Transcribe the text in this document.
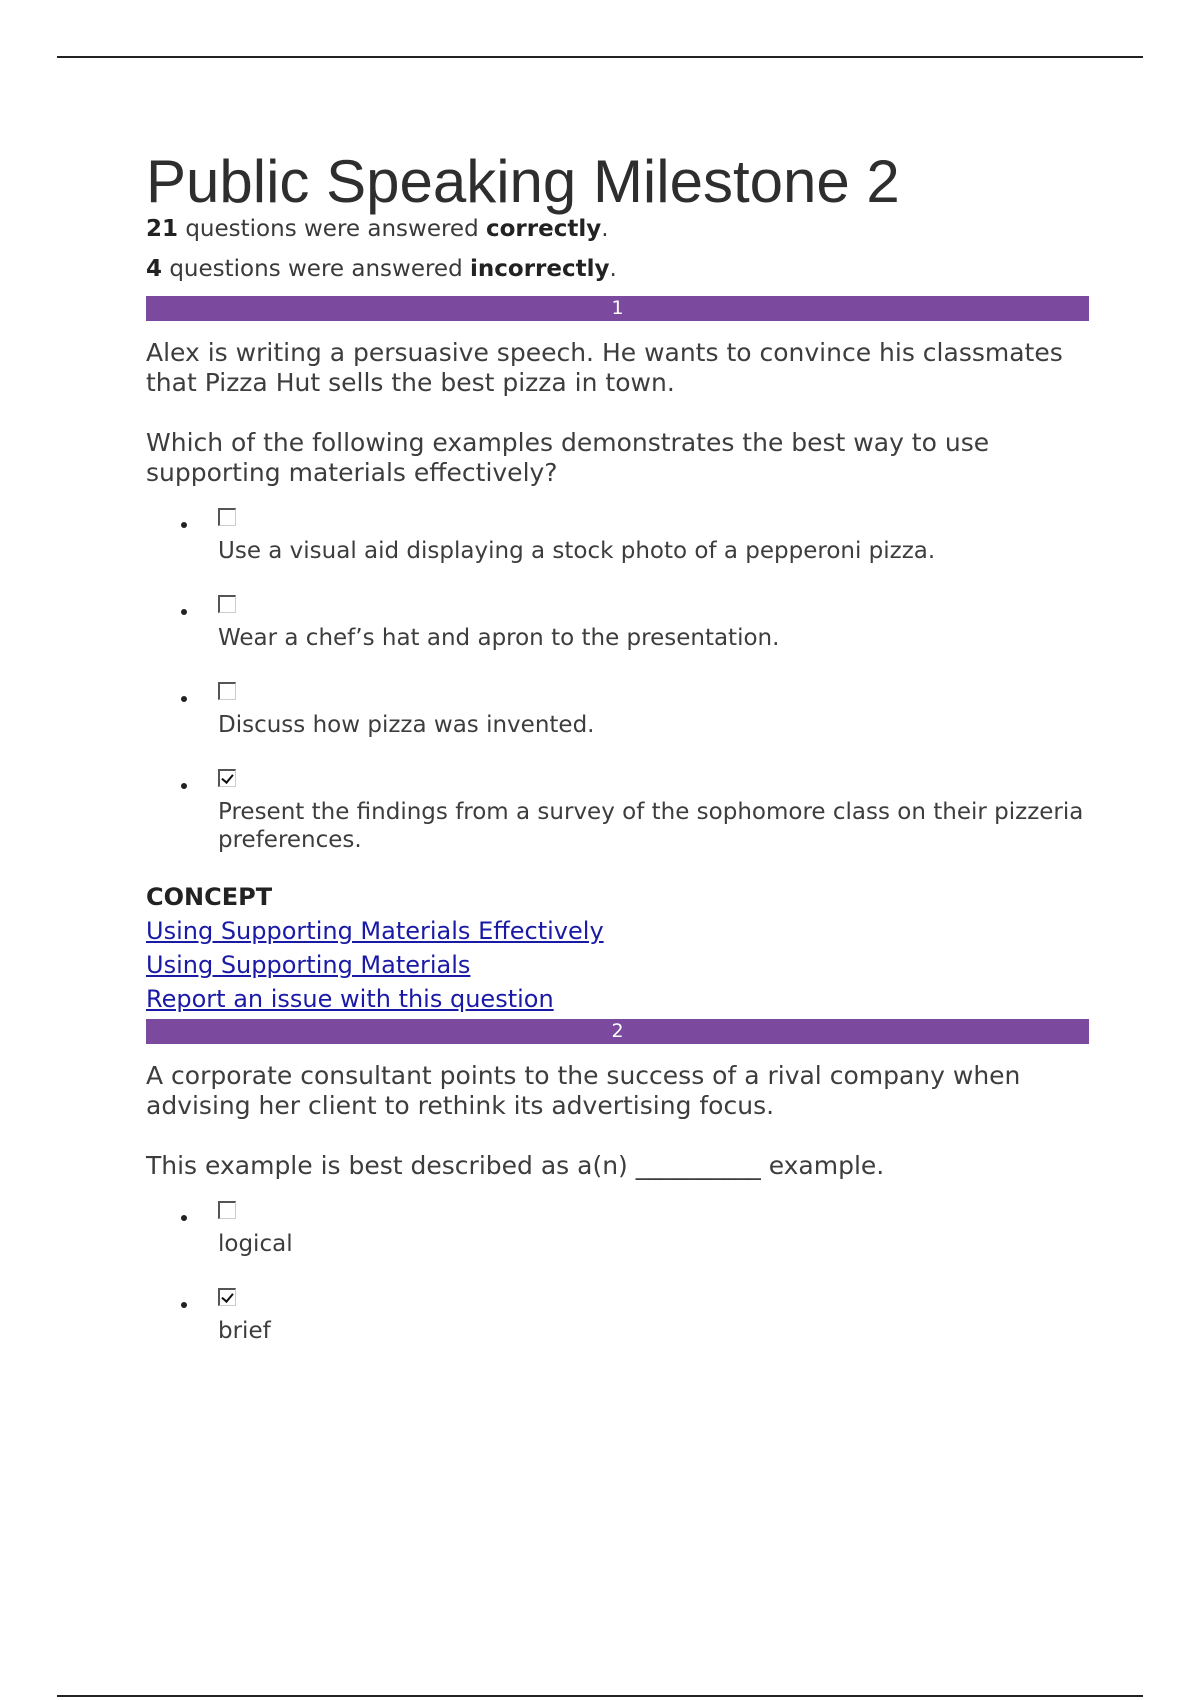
Public Speaking Milestone 2

21 questions were answered correctly.

4 questions were answered incorrectly.

1

Alex is writing a persuasive speech. He wants to convince his classmates that Pizza Hut sells the best pizza in town.

Which of the following examples demonstrates the best way to use supporting materials effectively?

Use a visual aid displaying a stock photo of a pepperoni pizza.
Wear a chef’s hat and apron to the presentation.
Discuss how pizza was invented.
Present the findings from a survey of the sophomore class on their pizzeria preferences.
CONCEPT
Using Supporting Materials Effectively
Using Supporting Materials
Report an issue with this question
2

A corporate consultant points to the success of a rival company when advising her client to rethink its advertising focus.

This example is best described as a(n) __________ example.

logical
brief
